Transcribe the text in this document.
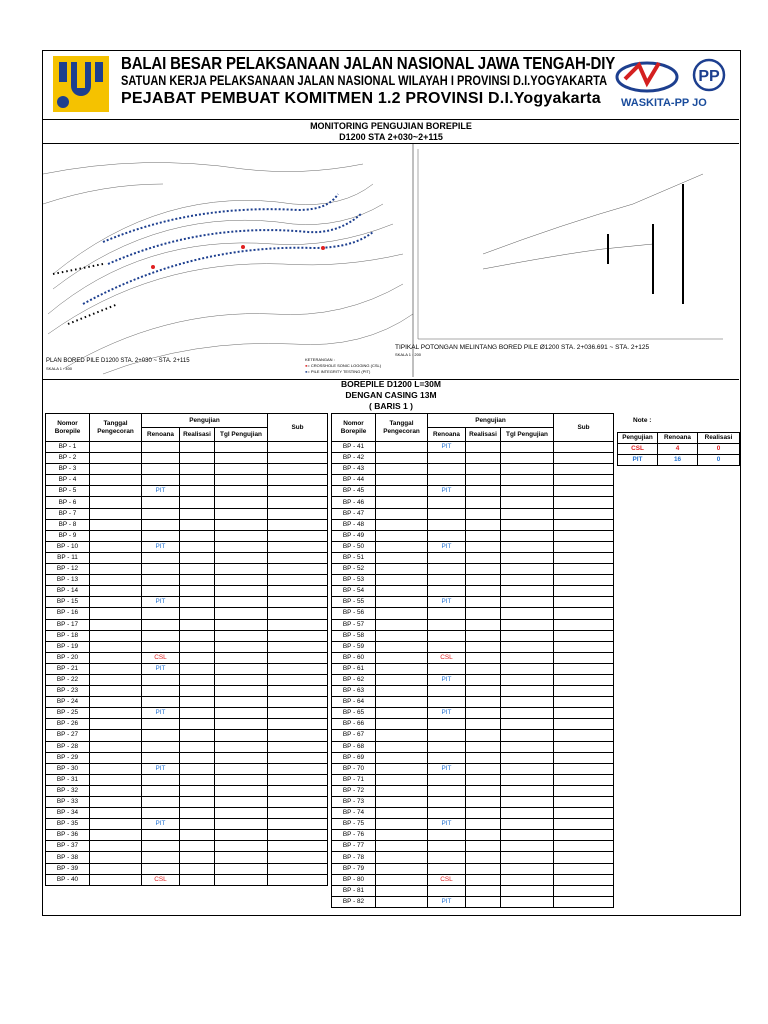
BALAI BESAR PELAKSANAAN JALAN NASIONAL JAWA TENGAH-DIY
SATUAN KERJA PELAKSANAAN JALAN NASIONAL WILAYAH I PROVINSI D.I.YOGYAKARTA
PEJABAT PEMBUAT KOMITMEN 1.2 PROVINSI D.I.Yogyakarta
PP
WASKITA-PP JO
MONITORING PENGUJIAN BOREPILE
D1200 STA 2+030~2+115
PLAN BORED PILE D1200 STA. 2+030 ~ STA. 2+115
SKALA 1 : 400
KETERANGAN :
●= CROSSHOLE SONIC LOGGING (CSL)
●= PILE INTEGRITY TESTING (PIT)
TIPIKAL POTONGAN MELINTANG BORED PILE Ø1200 STA. 2+036.691 ~ STA. 2+125
SKALA 1 : 200
BOREPILE D1200 L=30M
DENGAN CASING 13M
( BARIS 1 )
Nomor Borepile	Tanggal Pengecoran	Pengujian			Sub
		Renoana	Realisasi	Tgl Pengujian	
BP - 1					
BP - 2					
BP - 3					
BP - 4					
BP - 5		PIT			
BP - 6					
BP - 7					
BP - 8					
BP - 9					
BP - 10		PIT			
BP - 11					
BP - 12					
BP - 13					
BP - 14					
BP - 15		PIT			
BP - 16					
BP - 17					
BP - 18					
BP - 19					
BP - 20		CSL			
BP - 21		PIT			
BP - 22					
BP - 23					
BP - 24					
BP - 25		PIT			
BP - 26					
BP - 27					
BP - 28					
BP - 29					
BP - 30		PIT			
BP - 31					
BP - 32					
BP - 33					
BP - 34					
BP - 35		PIT			
BP - 36					
BP - 37					
BP - 38					
BP - 39					
BP - 40		CSL			
Nomor Borepile	Tanggal Pengecoran	Pengujian			Sub
		Renoana	Realisasi	Tgl Pengujian	
BP - 41		PIT			
BP - 42					
BP - 43					
BP - 44					
BP - 45		PIT			
BP - 46					
BP - 47					
BP - 48					
BP - 49					
BP - 50		PIT			
BP - 51					
BP - 52					
BP - 53					
BP - 54					
BP - 55		PIT			
BP - 56					
BP - 57					
BP - 58					
BP - 59					
BP - 60		CSL			
BP - 61					
BP - 62		PIT			
BP - 63					
BP - 64					
BP - 65		PIT			
BP - 66					
BP - 67					
BP - 68					
BP - 69					
BP - 70		PIT			
BP - 71					
BP - 72					
BP - 73					
BP - 74					
BP - 75		PIT			
BP - 76					
BP - 77					
BP - 78					
BP - 79					
BP - 80		CSL			
BP - 81					
BP - 82		PIT			
Note :
Pengujian	Renoana	Realisasi
CSL	4	0
PIT	16	0
